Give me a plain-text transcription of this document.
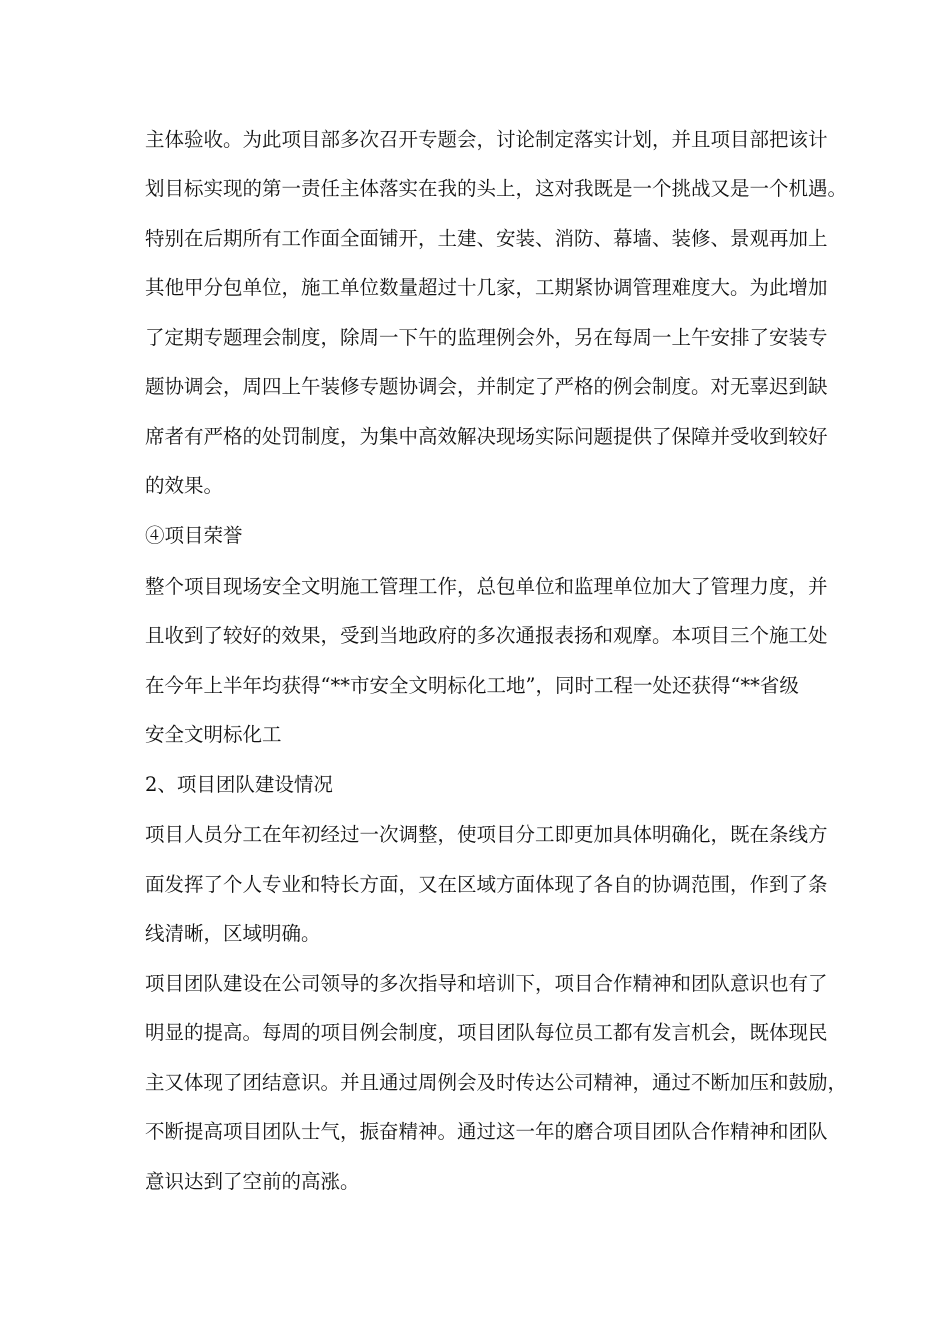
主体验收。为此项目部多次召开专题会，讨论制定落实计划，并且项目部把该计
划目标实现的第一责任主体落实在我的头上，这对我既是一个挑战又是一个机遇。
特别在后期所有工作面全面铺开，土建、安装、消防、幕墙、装修、景观再加上
其他甲分包单位，施工单位数量超过十几家，工期紧协调管理难度大。为此增加
了定期专题理会制度，除周一下午的监理例会外，另在每周一上午安排了安装专
题协调会，周四上午装修专题协调会，并制定了严格的例会制度。对无辜迟到缺
席者有严格的处罚制度，为集中高效解决现场实际问题提供了保障并受收到较好
的效果。
④项目荣誉
整个项目现场安全文明施工管理工作，总包单位和监理单位加大了管理力度，并
且收到了较好的效果，受到当地政府的多次通报表扬和观摩。本项目三个施工处
在今年上半年均获得“**市安全文明标化工地”，同时工程一处还获得“**省级
安全文明标化工
2、项目团队建设情况
项目人员分工在年初经过一次调整，使项目分工即更加具体明确化，既在条线方
面发挥了个人专业和特长方面，又在区域方面体现了各自的协调范围，作到了条
线清晰，区域明确。
项目团队建设在公司领导的多次指导和培训下，项目合作精神和团队意识也有了
明显的提高。每周的项目例会制度，项目团队每位员工都有发言机会，既体现民
主又体现了团结意识。并且通过周例会及时传达公司精神，通过不断加压和鼓励，
不断提高项目团队士气，振奋精神。通过这一年的磨合项目团队合作精神和团队
意识达到了空前的高涨。
